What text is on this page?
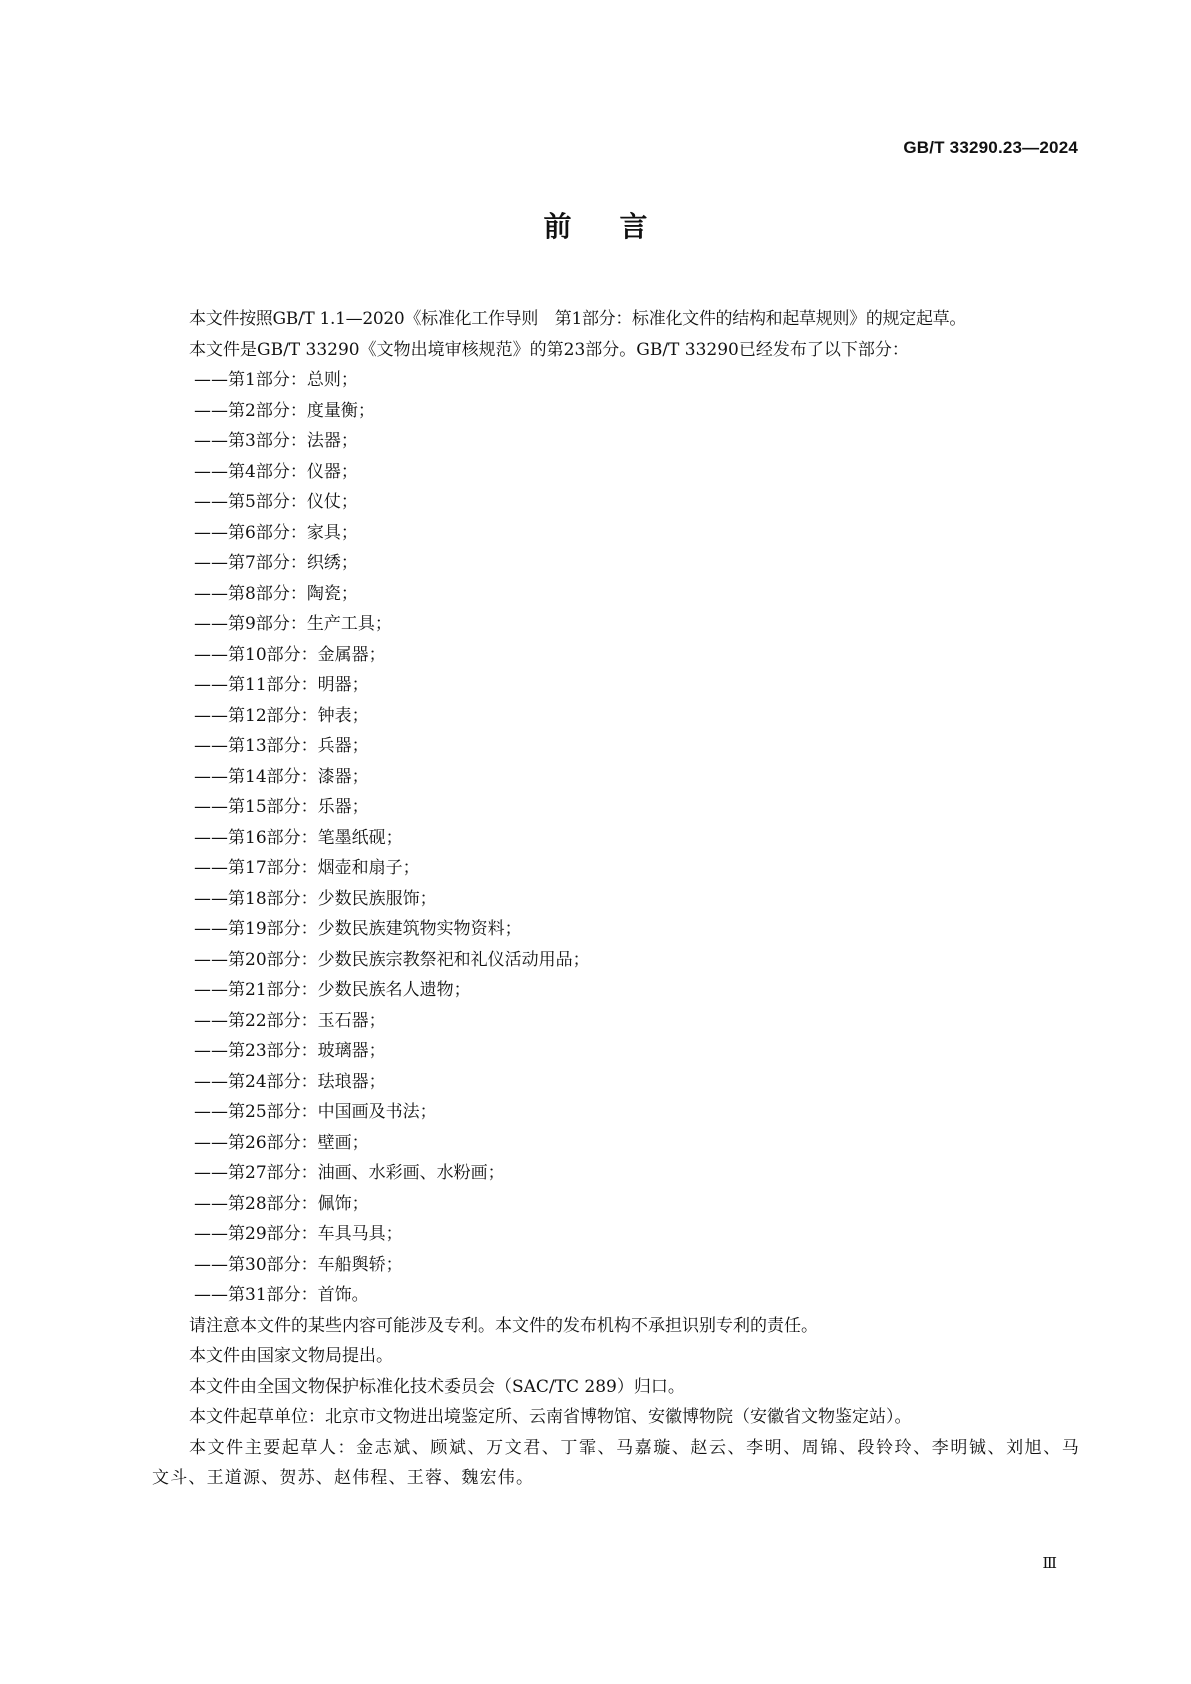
GB/T 33290.23—2024
前言

本文件按照GB/T 1.1—2020《标准化工作导则　第1部分：标准化文件的结构和起草规则》的规定起草。

本文件是GB/T 33290《文物出境审核规范》的第23部分。GB/T 33290已经发布了以下部分：

——第1部分：总则；
——第2部分：度量衡；
——第3部分：法器；
——第4部分：仪器；
——第5部分：仪仗；
——第6部分：家具；
——第7部分：织绣；
——第8部分：陶瓷；
——第9部分：生产工具；
——第10部分：金属器；
——第11部分：明器；
——第12部分：钟表；
——第13部分：兵器；
——第14部分：漆器；
——第15部分：乐器；
——第16部分：笔墨纸砚；
——第17部分：烟壶和扇子；
——第18部分：少数民族服饰；
——第19部分：少数民族建筑物实物资料；
——第20部分：少数民族宗教祭祀和礼仪活动用品；
——第21部分：少数民族名人遗物；
——第22部分：玉石器；
——第23部分：玻璃器；
——第24部分：珐琅器；
——第25部分：中国画及书法；
——第26部分：壁画；
——第27部分：油画、水彩画、水粉画；
——第28部分：佩饰；
——第29部分：车具马具；
——第30部分：车船舆轿；
——第31部分：首饰。

请注意本文件的某些内容可能涉及专利。本文件的发布机构不承担识别专利的责任。

本文件由国家文物局提出。

本文件由全国文物保护标准化技术委员会（SAC/TC 289）归口。

本文件起草单位：北京市文物进出境鉴定所、云南省博物馆、安徽博物院（安徽省文物鉴定站）。

本文件主要起草人：金志斌、顾斌、万文君、丁霏、马嘉璇、赵云、李明、周锦、段铃玲、李明铖、刘旭、马文斗、王道源、贺苏、赵伟程、王蓉、魏宏伟。

Ⅲ
